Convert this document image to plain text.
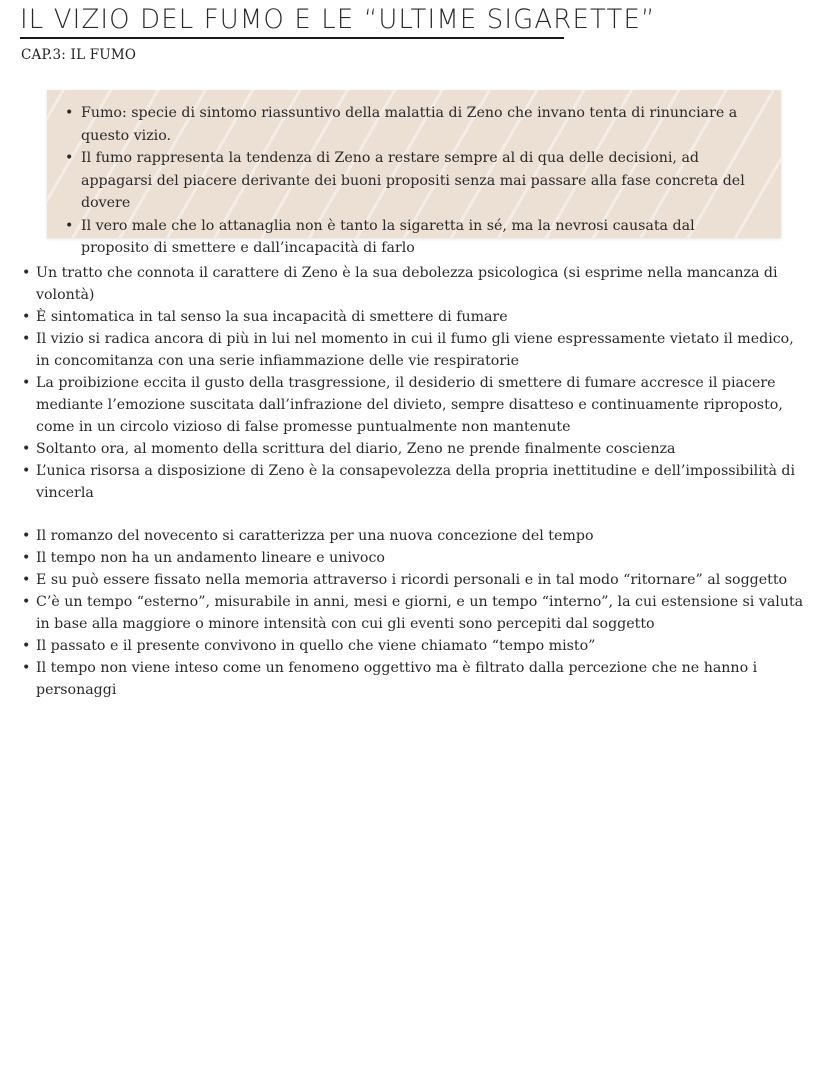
IL VIZIO DEL FUMO E LE “ULTIME SIGARETTE”
CAP.3: IL FUMO
• Fumo: specie di sintomo riassuntivo della malattia di Zeno che invano tenta di rinunciare a questo vizio.
• Il fumo rappresenta la tendenza di Zeno a restare sempre al di qua delle decisioni, ad appagarsi del piacere derivante dei buoni propositi senza mai passare alla fase concreta del dovere
• Il vero male che lo attanaglia non è tanto la sigaretta in sé, ma la nevrosi causata dal proposito di smettere e dall’incapacità di farlo
• Un tratto che connota il carattere di Zeno è la sua debolezza psicologica (si esprime nella mancanza di volontà)
• È sintomatica in tal senso la sua incapacità di smettere di fumare
• Il vizio si radica ancora di più in lui nel momento in cui il fumo gli viene espressamente vietato il medico, in concomitanza con una serie infiammazione delle vie respiratorie
• La proibizione eccita il gusto della trasgressione, il desiderio di smettere di fumare accresce il piacere mediante l’emozione suscitata dall’infrazione del divieto, sempre disatteso e continuamente riproposto, come in un circolo vizioso di false promesse puntualmente non mantenute
• Soltanto ora, al momento della scrittura del diario, Zeno ne prende finalmente coscienza
• L’unica risorsa a disposizione di Zeno è la consapevolezza della propria inettitudine e dell’impossibilità di vincerla
• Il romanzo del novecento si caratterizza per una nuova concezione del tempo
• Il tempo non ha un andamento lineare e univoco
• E su può essere fissato nella memoria attraverso i ricordi personali e in tal modo “ritornare” al soggetto
• C’è un tempo “esterno”, misurabile in anni, mesi e giorni, e un tempo “interno”, la cui estensione si valuta in base alla maggiore o minore intensità con cui gli eventi sono percepiti dal soggetto
• Il passato e il presente convivono in quello che viene chiamato “tempo misto”
• Il tempo non viene inteso come un fenomeno oggettivo ma è filtrato dalla percezione che ne hanno i personaggi
